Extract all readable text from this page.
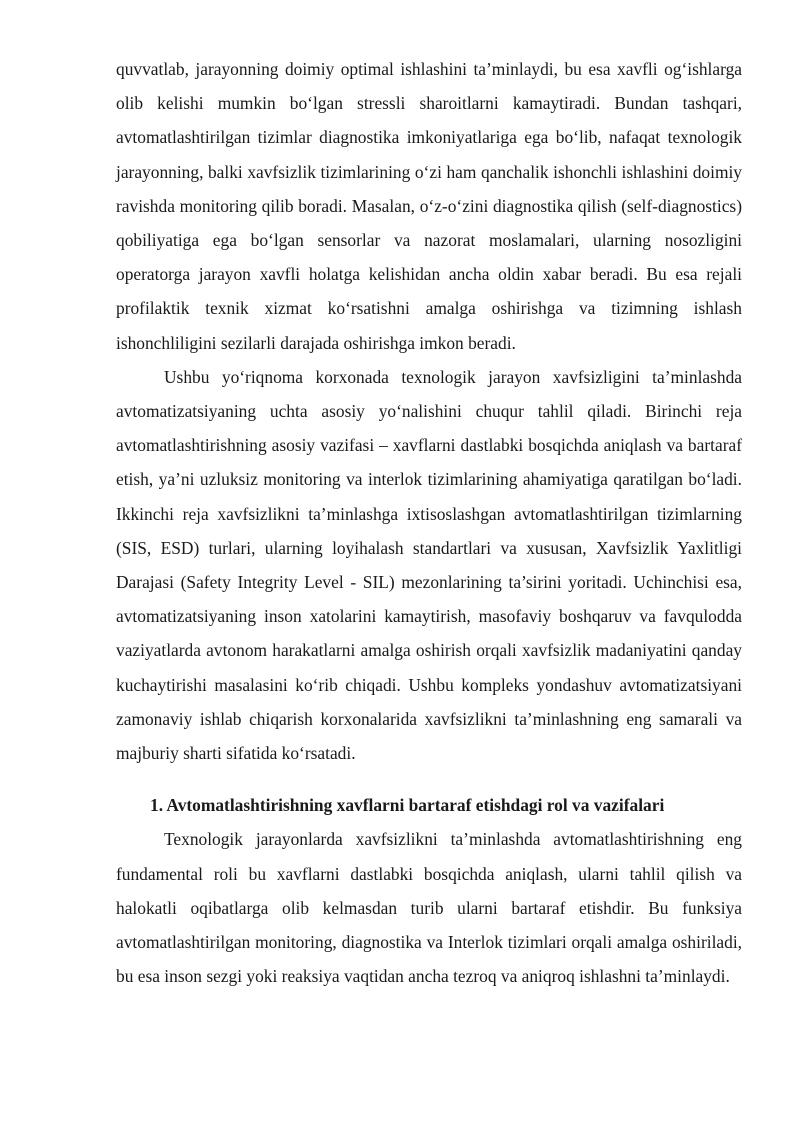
quvvatlab, jarayonning doimiy optimal ishlashini ta’minlaydi, bu esa xavfli og‘ishlarga olib kelishi mumkin bo‘lgan stressli sharoitlarni kamaytiradi. Bundan tashqari, avtomatlashtirilgan tizimlar diagnostika imkoniyatlariga ega bo‘lib, nafaqat texnologik jarayonning, balki xavfsizlik tizimlarining o‘zi ham qanchalik ishonchli ishlashini doimiy ravishda monitoring qilib boradi. Masalan, o‘z-o‘zini diagnostika qilish (self-diagnostics) qobiliyatiga ega bo‘lgan sensorlar va nazorat moslamalari, ularning nosozligini operatorga jarayon xavfli holatga kelishidan ancha oldin xabar beradi. Bu esa rejali profilaktik texnik xizmat ko‘rsatishni amalga oshirishga va tizimning ishlash ishonchliligini sezilarli darajada oshirishga imkon beradi.

Ushbu yo‘riqnoma korxonada texnologik jarayon xavfsizligini ta’minlashda avtomatizatsiyaning uchta asosiy yo‘nalishini chuqur tahlil qiladi. Birinchi reja avtomatlashtirishning asosiy vazifasi – xavflarni dastlabki bosqichda aniqlash va bartaraf etish, ya’ni uzluksiz monitoring va interlok tizimlarining ahamiyatiga qaratilgan bo‘ladi. Ikkinchi reja xavfsizlikni ta’minlashga ixtisoslashgan avtomatlashtirilgan tizimlarning (SIS, ESD) turlari, ularning loyihalash standartlari va xususan, Xavfsizlik Yaxlitligi Darajasi (Safety Integrity Level - SIL) mezonlarining ta’sirini yoritadi. Uchinchisi esa, avtomatizatsiyaning inson xatolarini kamaytirish, masofaviy boshqaruv va favqulodda vaziyatlarda avtonom harakatlarni amalga oshirish orqali xavfsizlik madaniyatini qanday kuchaytirishi masalasini ko‘rib chiqadi. Ushbu kompleks yondashuv avtomatizatsiyani zamonaviy ishlab chiqarish korxonalarida xavfsizlikni ta’minlashning eng samarali va majburiy sharti sifatida ko‘rsatadi.

1. Avtomatlashtirishning xavflarni bartaraf etishdagi rol va vazifalari

Texnologik jarayonlarda xavfsizlikni ta’minlashda avtomatlashtirishning eng fundamental roli bu xavflarni dastlabki bosqichda aniqlash, ularni tahlil qilish va halokatli oqibatlarga olib kelmasdan turib ularni bartaraf etishdir. Bu funksiya avtomatlashtirilgan monitoring, diagnostika va Interlok tizimlari orqali amalga oshiriladi, bu esa inson sezgi yoki reaksiya vaqtidan ancha tezroq va aniqroq ishlashni ta’minlaydi.
